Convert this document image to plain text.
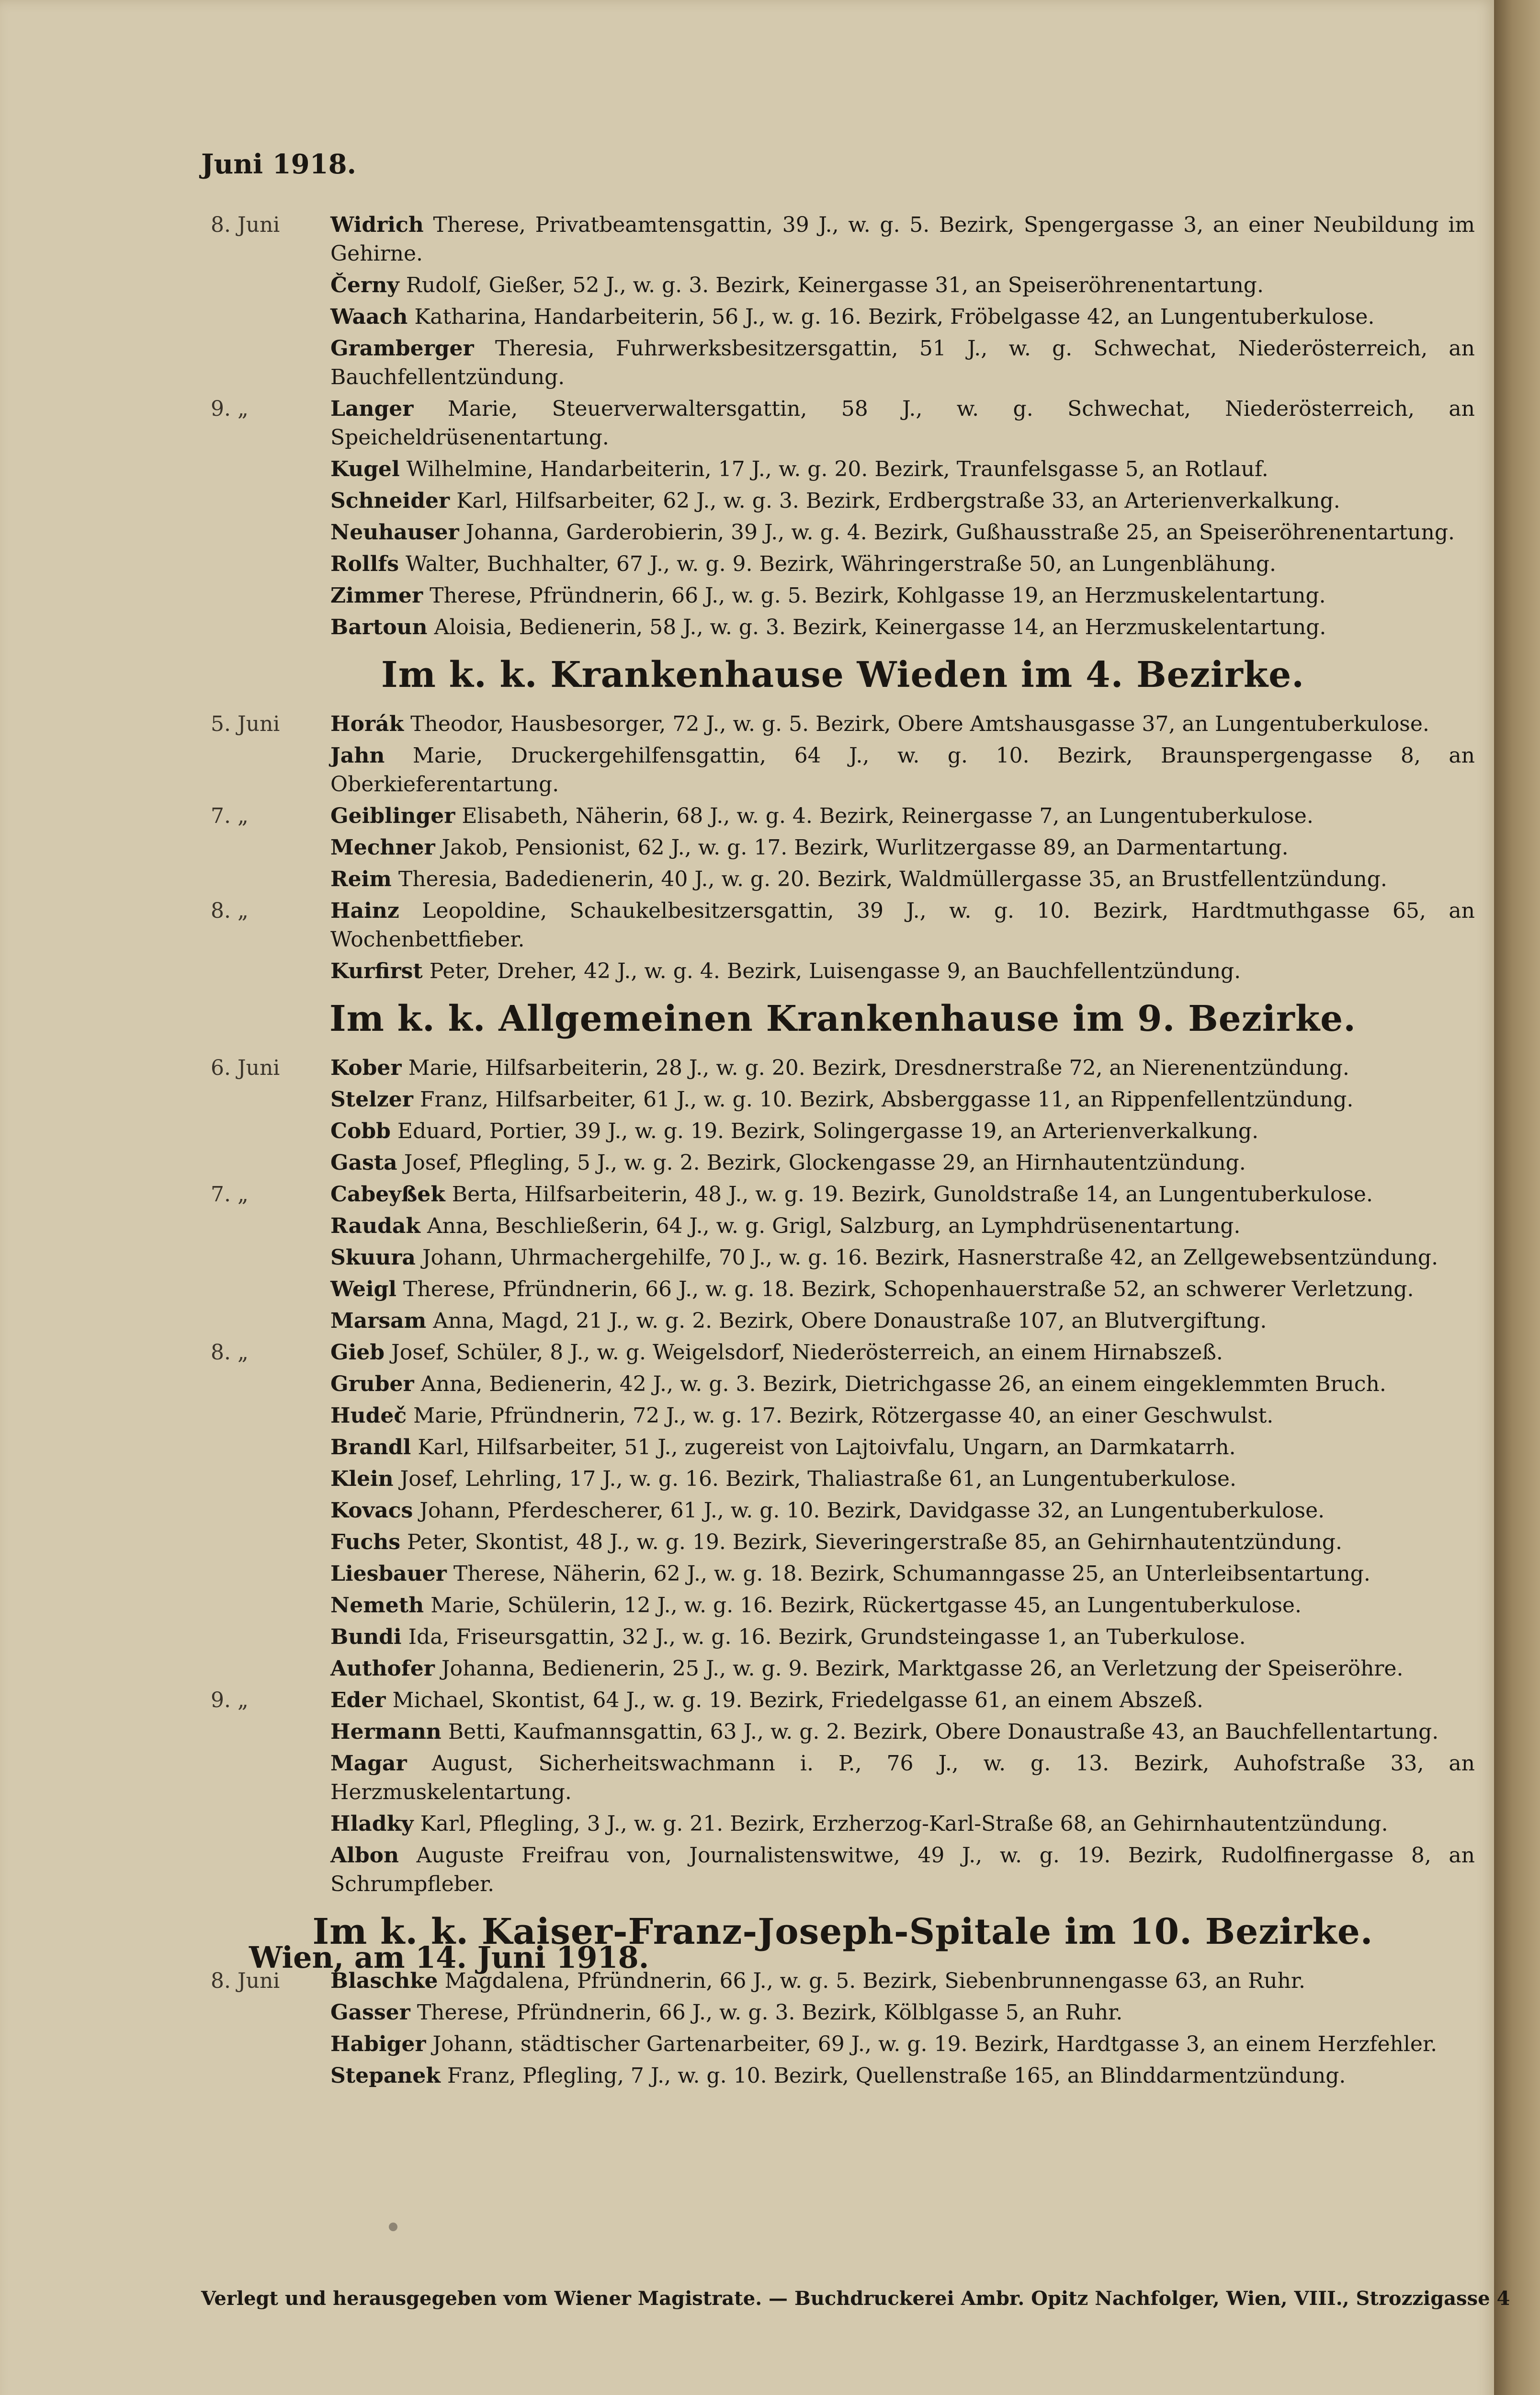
Juni 1918.
8. Juni	Widrich Therese, Privatbeamtensgattin, 39 J., w. g. 5. Bezirk, Spengergasse 3, an einer Neubildung im Gehirne.
Černy Rudolf, Gießer, 52 J., w. g. 3. Bezirk, Keinergasse 31, an Speiseröhrenentartung.
Waach Katharina, Handarbeiterin, 56 J., w. g. 16. Bezirk, Fröbelgasse 42, an Lungentuberkulose.
Gramberger Theresia, Fuhrwerksbesitzersgattin, 51 J., w. g. Schwechat, Niederösterreich, an Bauchfellentzündung.
9. „	Langer Marie, Steuerverwaltersgattin, 58 J., w. g. Schwechat, Niederösterreich, an Speicheldrüsenentartung.
Kugel Wilhelmine, Handarbeiterin, 17 J., w. g. 20. Bezirk, Traunfelsgasse 5, an Rotlauf.
Schneider Karl, Hilfsarbeiter, 62 J., w. g. 3. Bezirk, Erdbergstraße 33, an Arterienverkalkung.
Neuhauser Johanna, Garderobierin, 39 J., w. g. 4. Bezirk, Gußhausstraße 25, an Speiseröhrenentartung.
Rollfs Walter, Buchhalter, 67 J., w. g. 9. Bezirk, Währingerstraße 50, an Lungenblähung.
Zimmer Therese, Pfründnerin, 66 J., w. g. 5. Bezirk, Kohlgasse 19, an Herzmuskelentartung.
Bartoun Aloisia, Bedienerin, 58 J., w. g. 3. Bezirk, Keinergasse 14, an Herzmuskelentartung.
Im k. k. Krankenhause Wieden im 4. Bezirke.
5. Juni	Horák Theodor, Hausbesorger, 72 J., w. g. 5. Bezirk, Obere Amtshausgasse 37, an Lungentuberkulose.
Jahn Marie, Druckergehilfensgattin, 64 J., w. g. 10. Bezirk, Braunspergengasse 8, an Oberkieferentartung.
7. „	Geiblinger Elisabeth, Näherin, 68 J., w. g. 4. Bezirk, Reinergasse 7, an Lungentuberkulose.
Mechner Jakob, Pensionist, 62 J., w. g. 17. Bezirk, Wurlitzergasse 89, an Darmentartung.
Reim Theresia, Badedienerin, 40 J., w. g. 20. Bezirk, Waldmüllergasse 35, an Brustfellentzündung.
8. „	Hainz Leopoldine, Schaukelbesitzersgattin, 39 J., w. g. 10. Bezirk, Hardtmuthgasse 65, an Wochenbettfieber.
Kurfirst Peter, Dreher, 42 J., w. g. 4. Bezirk, Luisengasse 9, an Bauchfellentzündung.
Im k. k. Allgemeinen Krankenhause im 9. Bezirke.
6. Juni	Kober Marie, Hilfsarbeiterin, 28 J., w. g. 20. Bezirk, Dresdnerstraße 72, an Nierenentzündung.
Stelzer Franz, Hilfsarbeiter, 61 J., w. g. 10. Bezirk, Absberggasse 11, an Rippenfellentzündung.
Cobb Eduard, Portier, 39 J., w. g. 19. Bezirk, Solingergasse 19, an Arterienverkalkung.
Gasta Josef, Pflegling, 5 J., w. g. 2. Bezirk, Glockengasse 29, an Hirnhautentzündung.
7. „	Cabeyßek Berta, Hilfsarbeiterin, 48 J., w. g. 19. Bezirk, Gunoldstraße 14, an Lungentuberkulose.
Raudak Anna, Beschließerin, 64 J., w. g. Grigl, Salzburg, an Lymphdrüsenentartung.
Skuura Johann, Uhrmachergehilfe, 70 J., w. g. 16. Bezirk, Hasnerstraße 42, an Zellgewebsentzündung.
Weigl Therese, Pfründnerin, 66 J., w. g. 18. Bezirk, Schopenhauerstraße 52, an schwerer Verletzung.
Marsam Anna, Magd, 21 J., w. g. 2. Bezirk, Obere Donaustraße 107, an Blutvergiftung.
8. „	Gieb Josef, Schüler, 8 J., w. g. Weigelsdorf, Niederösterreich, an einem Hirnabszeß.
Gruber Anna, Bedienerin, 42 J., w. g. 3. Bezirk, Dietrichgasse 26, an einem eingeklemmten Bruch.
Hudeč Marie, Pfründnerin, 72 J., w. g. 17. Bezirk, Rötzergasse 40, an einer Geschwulst.
Brandl Karl, Hilfsarbeiter, 51 J., zugereist von Lajtoivfalu, Ungarn, an Darmkatarrh.
Klein Josef, Lehrling, 17 J., w. g. 16. Bezirk, Thaliastraße 61, an Lungentuberkulose.
Kovacs Johann, Pferdescherer, 61 J., w. g. 10. Bezirk, Davidgasse 32, an Lungentuberkulose.
Fuchs Peter, Skontist, 48 J., w. g. 19. Bezirk, Sieveringerstraße 85, an Gehirnhautentzündung.
Liesbauer Therese, Näherin, 62 J., w. g. 18. Bezirk, Schumanngasse 25, an Unterleibsentartung.
Nemeth Marie, Schülerin, 12 J., w. g. 16. Bezirk, Rückertgasse 45, an Lungentuberkulose.
Bundi Ida, Friseursgattin, 32 J., w. g. 16. Bezirk, Grundsteingasse 1, an Tuberkulose.
Authofer Johanna, Bedienerin, 25 J., w. g. 9. Bezirk, Marktgasse 26, an Verletzung der Speiseröhre.
9. „	Eder Michael, Skontist, 64 J., w. g. 19. Bezirk, Friedelgasse 61, an einem Abszeß.
Hermann Betti, Kaufmannsgattin, 63 J., w. g. 2. Bezirk, Obere Donaustraße 43, an Bauchfellentartung.
Magar August, Sicherheitswachmann i. P., 76 J., w. g. 13. Bezirk, Auhofstraße 33, an Herzmuskelentartung.
Hladky Karl, Pflegling, 3 J., w. g. 21. Bezirk, Erzherzog-Karl-Straße 68, an Gehirnhautentzündung.
Albon Auguste Freifrau von, Journalistenswitwe, 49 J., w. g. 19. Bezirk, Rudolfinergasse 8, an Schrumpfleber.
Im k. k. Kaiser-Franz-Joseph-Spitale im 10. Bezirke.
8. Juni	Blaschke Magdalena, Pfründnerin, 66 J., w. g. 5. Bezirk, Siebenbrunnengasse 63, an Ruhr.
Gasser Therese, Pfründnerin, 66 J., w. g. 3. Bezirk, Kölblgasse 5, an Ruhr.
Habiger Johann, städtischer Gartenarbeiter, 69 J., w. g. 19. Bezirk, Hardtgasse 3, an einem Herzfehler.
Stepanek Franz, Pflegling, 7 J., w. g. 10. Bezirk, Quellenstraße 165, an Blinddarmentzündung.
Wien, am 14. Juni 1918.
Verlegt und herausgegeben vom Wiener Magistrate. — Buchdruckerei Ambr. Opitz Nachfolger, Wien, VIII., Strozzigasse 4
